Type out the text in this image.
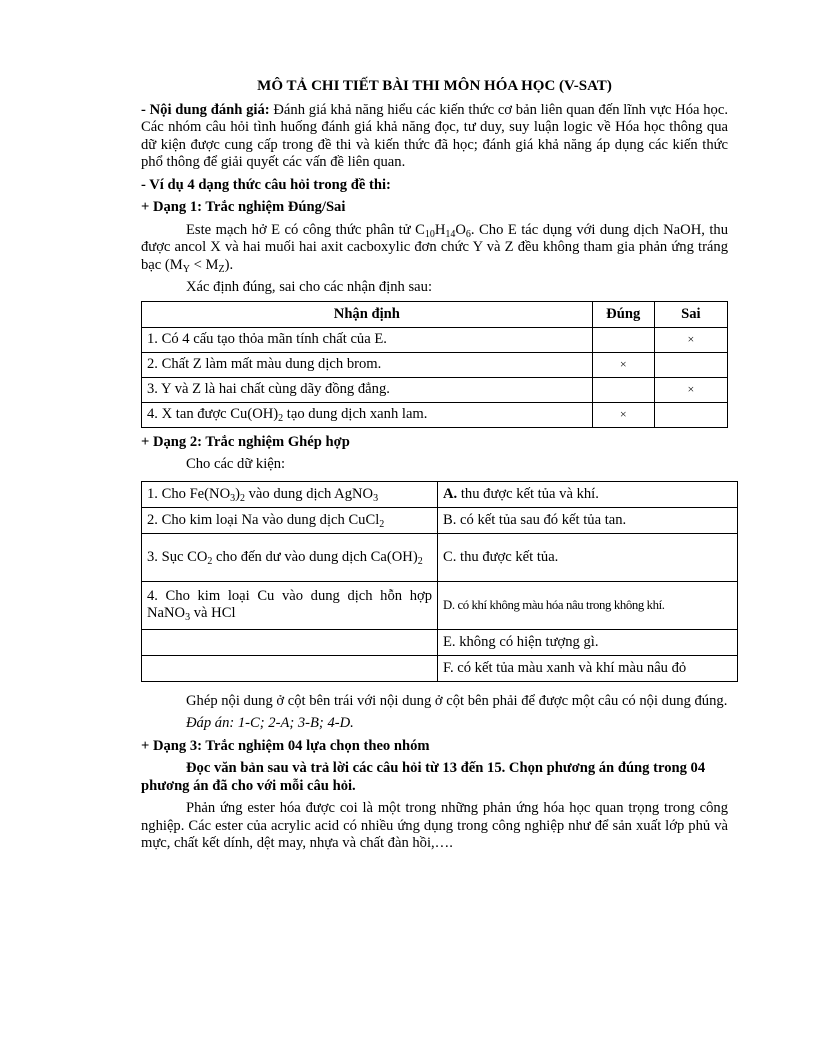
MÔ TẢ CHI TIẾT BÀI THI MÔN HÓA HỌC (V-SAT)

- Nội dung đánh giá: Đánh giá khả năng hiểu các kiến thức cơ bản liên quan đến lĩnh vực Hóa học. Các nhóm câu hỏi tình huống đánh giá khả năng đọc, tư duy, suy luận logic về Hóa học thông qua dữ kiện được cung cấp trong đề thi và kiến thức đã học; đánh giá khả năng áp dụng các kiến thức phổ thông để giải quyết các vấn đề liên quan.

- Ví dụ 4 dạng thức câu hỏi trong đề thi:

+ Dạng 1: Trắc nghiệm Đúng/Sai

Este mạch hở E có công thức phân tử $C_{10}H_{14}O_6$. Cho E tác dụng với dung dịch NaOH, thu được ancol X và hai muối hai axit cacboxylic đơn chức Y và Z đều không tham gia phản ứng tráng bạc $(M_Y < M_Z)$.

Xác định đúng, sai cho các nhận định sau:

Nhận định	Đúng	Sai
1. Có 4 cấu tạo thỏa mãn tính chất của E.		×
2. Chất Z làm mất màu dung dịch brom.	×	
3. Y và Z là hai chất cùng dãy đồng đẳng.		×
4. X tan được $Cu(OH)_2$ tạo dung dịch xanh lam.	×	

+ Dạng 2: Trắc nghiệm Ghép hợp

Cho các dữ kiện:

1. Cho $Fe(NO_3)_2$ vào dung dịch AgNO$_3$	A. thu được kết tủa và khí.
2. Cho kim loại Na vào dung dịch CuCl$_2$	B. có kết tủa sau đó kết tủa tan.
3. Sục $CO_2$ cho đến dư vào dung dịch $Ca(OH)_2$	C. thu được kết tủa.
4. Cho kim loại Cu vào dung dịch hỗn hợp NaNO$_3$ và HCl	D. có khí không màu hóa nâu trong không khí.
	E. không có hiện tượng gì.
	F. có kết tủa màu xanh và khí màu nâu đỏ

Ghép nội dung ở cột bên trái với nội dung ở cột bên phải để được một câu có nội dung đúng.

Đáp án: 1-C; 2-A; 3-B; 4-D.

+ Dạng 3: Trắc nghiệm 04 lựa chọn theo nhóm

Đọc văn bản sau và trả lời các câu hỏi từ 13 đến 15. Chọn phương án đúng trong 04 phương án đã cho với mỗi câu hỏi.

Phản ứng ester hóa được coi là một trong những phản ứng hóa học quan trọng trong công nghiệp. Các ester của acrylic acid có nhiều ứng dụng trong công nghiệp như để sản xuất lớp phủ và mực, chất kết dính, dệt may, nhựa và chất đàn hồi,….
